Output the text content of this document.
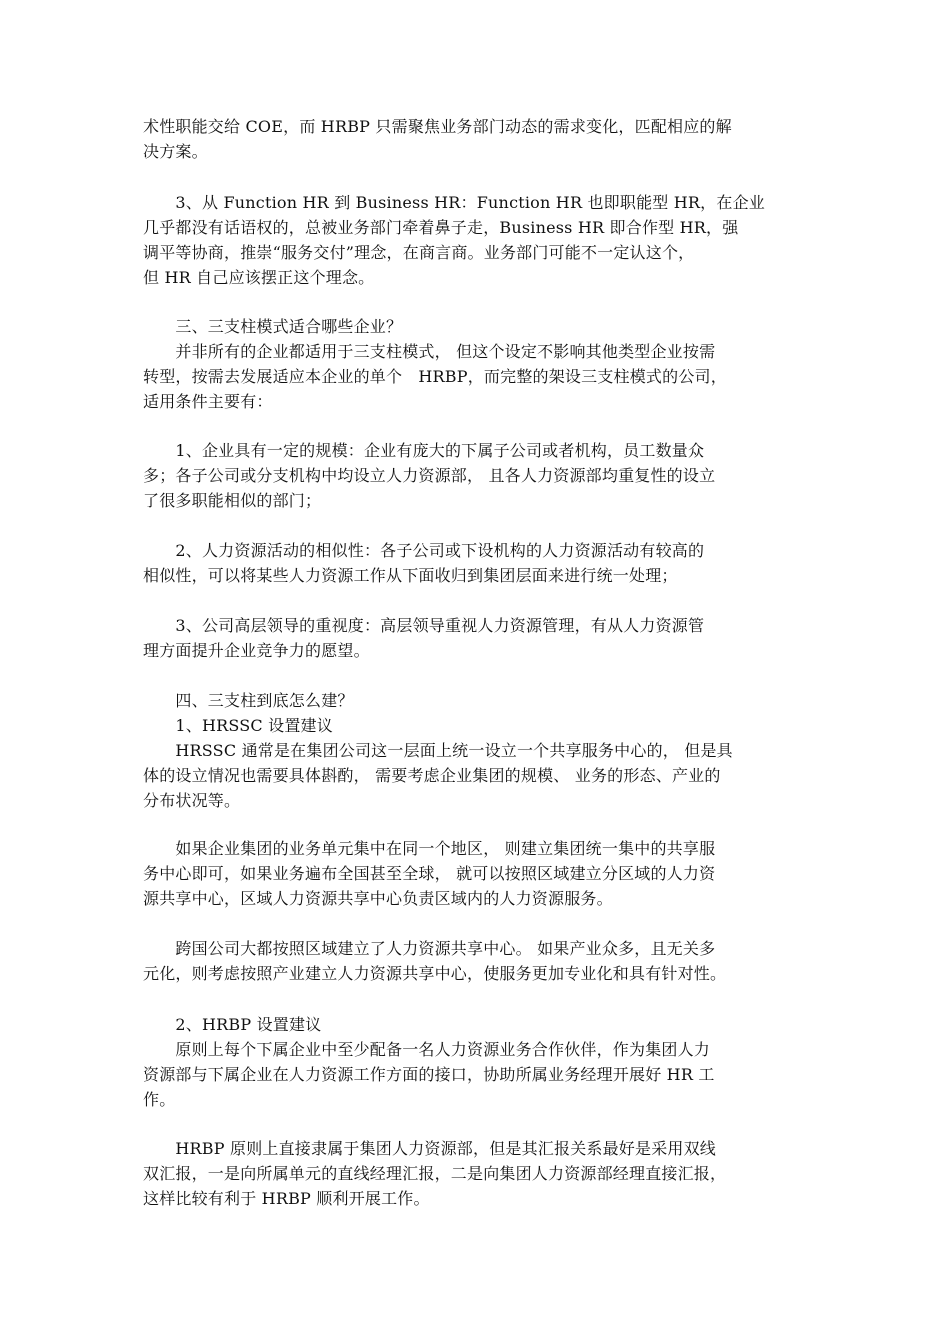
术性职能交给 COE，而 HRBP 只需聚焦业务部门动态的需求变化，匹配相应的解
决方案。

　　3、从 Function HR 到 Business HR：Function HR 也即职能型 HR，在企业
几乎都没有话语权的，总被业务部门牵着鼻子走，Business HR 即合作型 HR，强
调平等协商，推崇“服务交付”理念，在商言商。业务部门可能不一定认这个，
但 HR 自己应该摆正这个理念。

　　三、三支柱模式适合哪些企业？
　　并非所有的企业都适用于三支柱模式， 但这个设定不影响其他类型企业按需
转型，按需去发展适应本企业的单个　HRBP，而完整的架设三支柱模式的公司，
适用条件主要有：

　　1、企业具有一定的规模：企业有庞大的下属子公司或者机构，员工数量众
多；各子公司或分支机构中均设立人力资源部， 且各人力资源部均重复性的设立
了很多职能相似的部门；

　　2、人力资源活动的相似性：各子公司或下设机构的人力资源活动有较高的
相似性，可以将某些人力资源工作从下面收归到集团层面来进行统一处理；

　　3、公司高层领导的重视度：高层领导重视人力资源管理，有从人力资源管
理方面提升企业竞争力的愿望。

　　四、三支柱到底怎么建？
　　1、HRSSC 设置建议
　　HRSSC 通常是在集团公司这一层面上统一设立一个共享服务中心的， 但是具
体的设立情况也需要具体斟酌， 需要考虑企业集团的规模、 业务的形态、产业的
分布状况等。

　　如果企业集团的业务单元集中在同一个地区， 则建立集团统一集中的共享服
务中心即可，如果业务遍布全国甚至全球， 就可以按照区域建立分区域的人力资
源共享中心，区域人力资源共享中心负责区域内的人力资源服务。

　　跨国公司大都按照区域建立了人力资源共享中心。 如果产业众多，且无关多
元化，则考虑按照产业建立人力资源共享中心，使服务更加专业化和具有针对性。

　　2、HRBP 设置建议
　　原则上每个下属企业中至少配备一名人力资源业务合作伙伴，作为集团人力
资源部与下属企业在人力资源工作方面的接口，协助所属业务经理开展好 HR 工
作。

　　HRBP 原则上直接隶属于集团人力资源部，但是其汇报关系最好是采用双线
双汇报，一是向所属单元的直线经理汇报，二是向集团人力资源部经理直接汇报，
这样比较有利于 HRBP 顺利开展工作。
